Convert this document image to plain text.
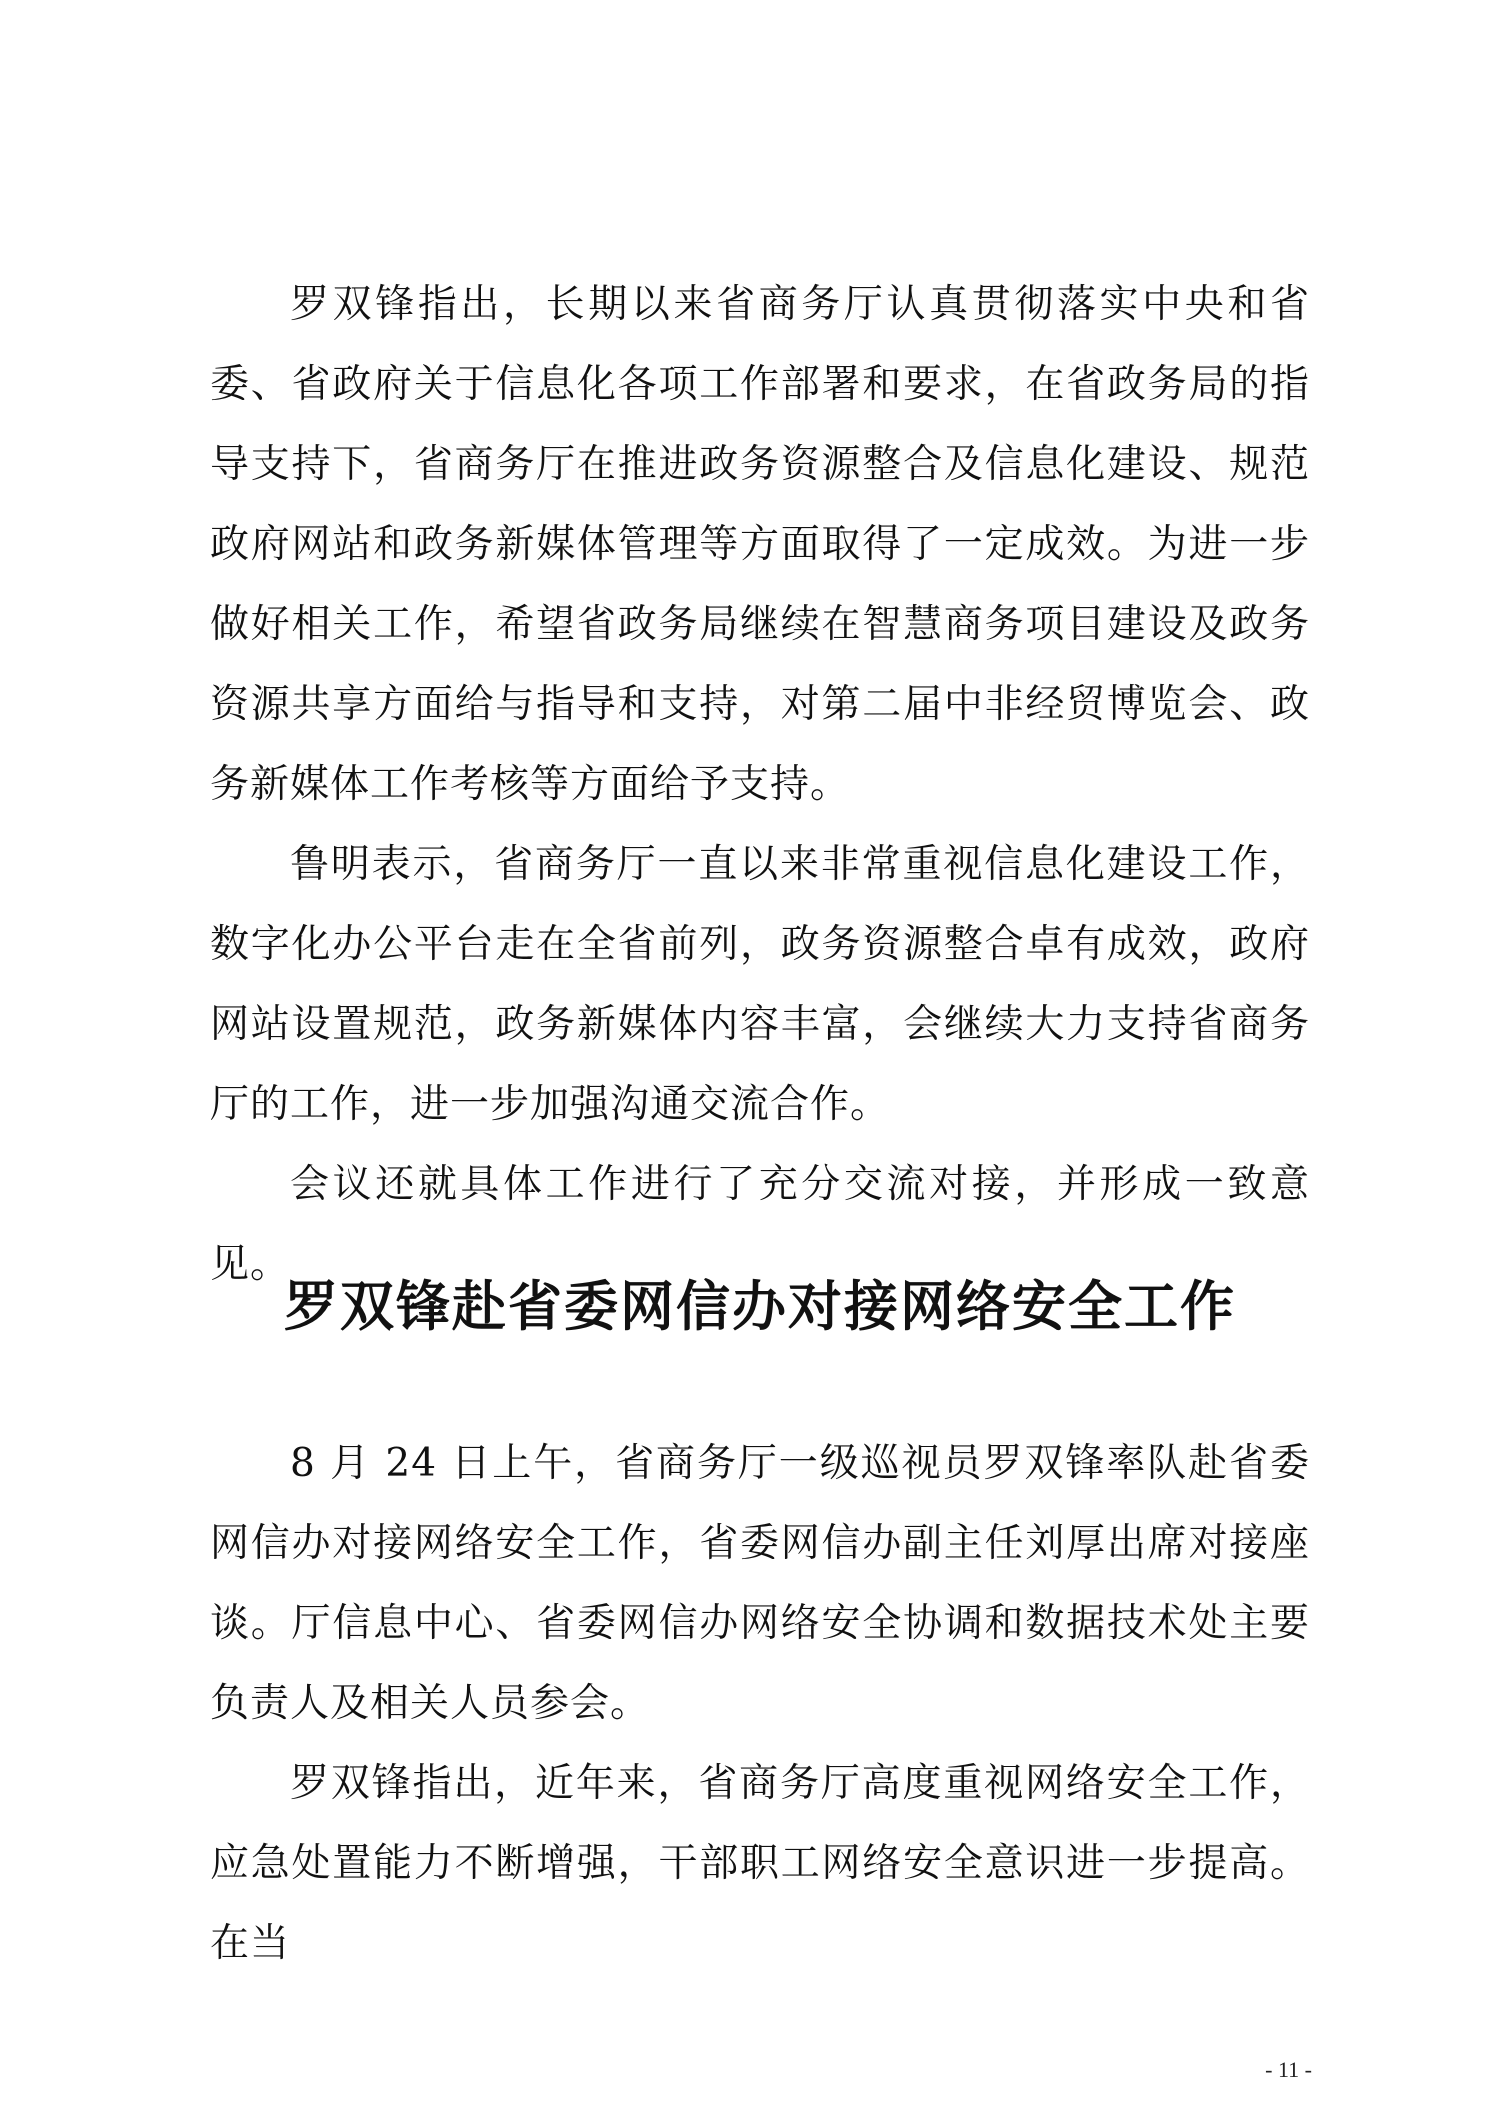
罗双锋指出，长期以来省商务厅认真贯彻落实中央和省委、省政府关于信息化各项工作部署和要求，在省政务局的指导支持下，省商务厅在推进政务资源整合及信息化建设、规范政府网站和政务新媒体管理等方面取得了一定成效。为进一步做好相关工作，希望省政务局继续在智慧商务项目建设及政务资源共享方面给与指导和支持，对第二届中非经贸博览会、政务新媒体工作考核等方面给予支持。

鲁明表示，省商务厅一直以来非常重视信息化建设工作，数字化办公平台走在全省前列，政务资源整合卓有成效，政府网站设置规范，政务新媒体内容丰富，会继续大力支持省商务厅的工作，进一步加强沟通交流合作。

会议还就具体工作进行了充分交流对接，并形成一致意见。

罗双锋赴省委网信办对接网络安全工作

8 月 24 日上午，省商务厅一级巡视员罗双锋率队赴省委网信办对接网络安全工作，省委网信办副主任刘厚出席对接座谈。厅信息中心、省委网信办网络安全协调和数据技术处主要负责人及相关人员参会。

罗双锋指出，近年来，省商务厅高度重视网络安全工作，应急处置能力不断增强，干部职工网络安全意识进一步提高。在当

- 11 -
